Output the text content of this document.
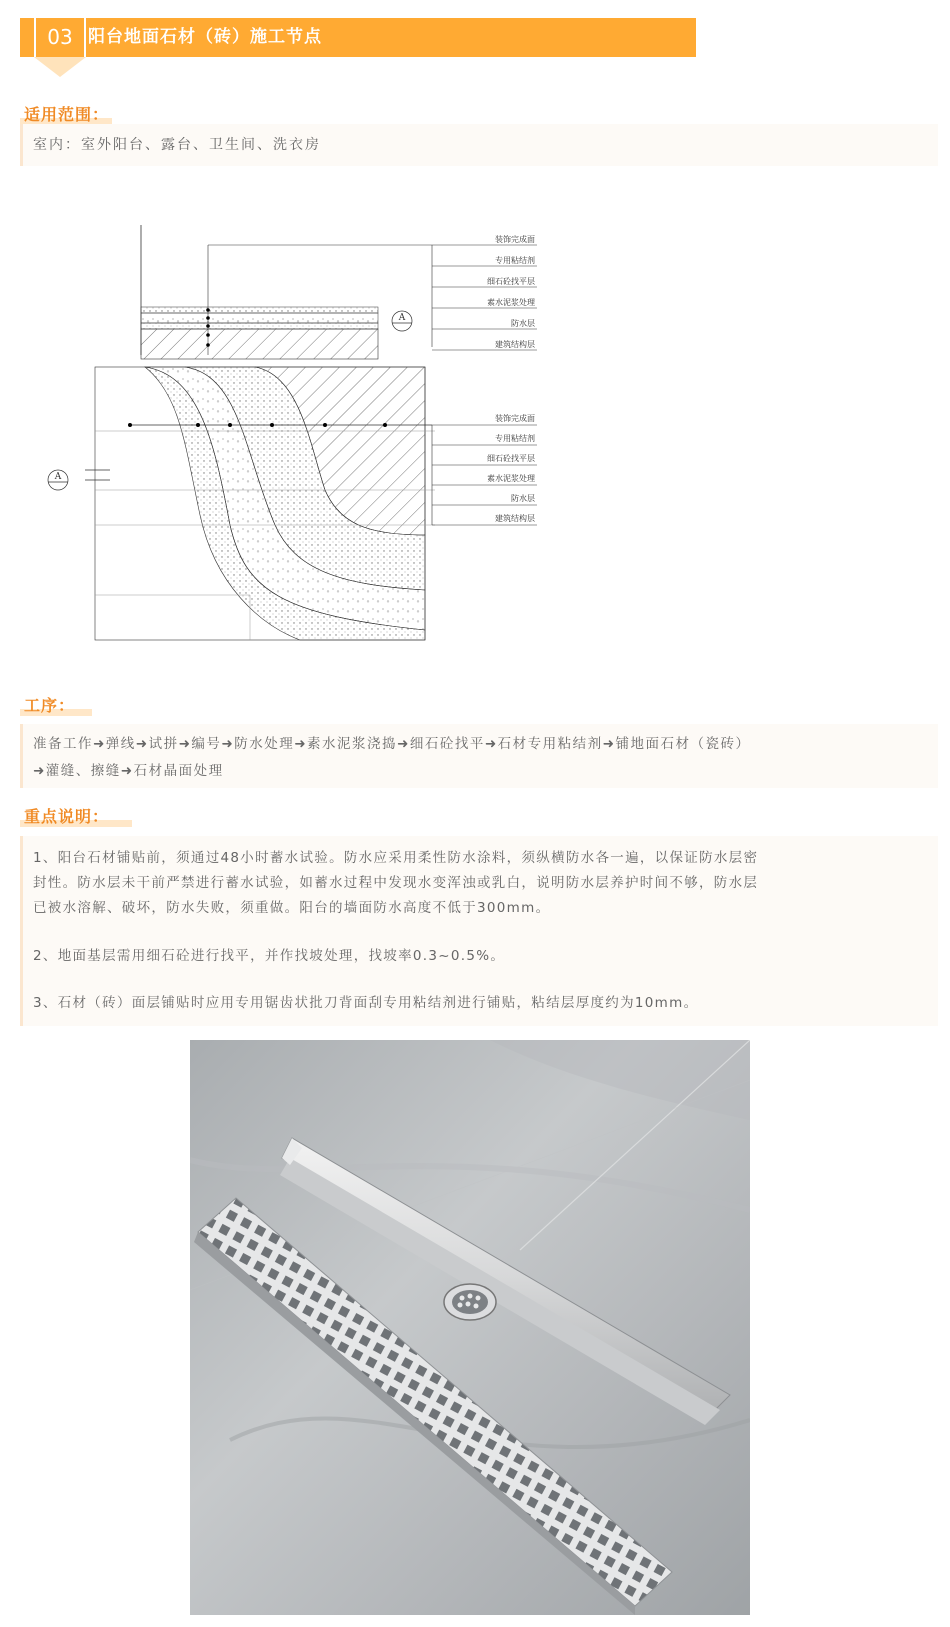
03 阳台地面石材（砖）施工节点
适用范围：

室内：室外阳台、露台、卫生间、洗衣房

A
装饰完成面
专用粘结剂
细石砼找平层
素水泥浆处理
防水层
建筑结构层
A
装饰完成面
专用粘结剂
细石砼找平层
素水泥浆处理
防水层
建筑结构层
工序：

准备工作➜弹线➜试拼➜编号➜防水处理➜素水泥浆浇捣➜细石砼找平➜石材专用粘结剂➜铺地面石材（瓷砖）

➜灌缝、擦缝➜石材晶面处理

重点说明：

1、阳台石材铺贴前，须通过48小时蓄水试验。防水应采用柔性防水涂料，须纵横防水各一遍，以保证防水层密

封性。防水层未干前严禁进行蓄水试验，如蓄水过程中发现水变浑浊或乳白，说明防水层养护时间不够，防水层

已被水溶解、破坏，防水失败，须重做。阳台的墙面防水高度不低于300mm。

2、地面基层需用细石砼进行找平，并作找坡处理，找坡率0.3~0.5%。

3、石材（砖）面层铺贴时应用专用锯齿状批刀背面刮专用粘结剂进行铺贴，粘结层厚度约为10mm。
